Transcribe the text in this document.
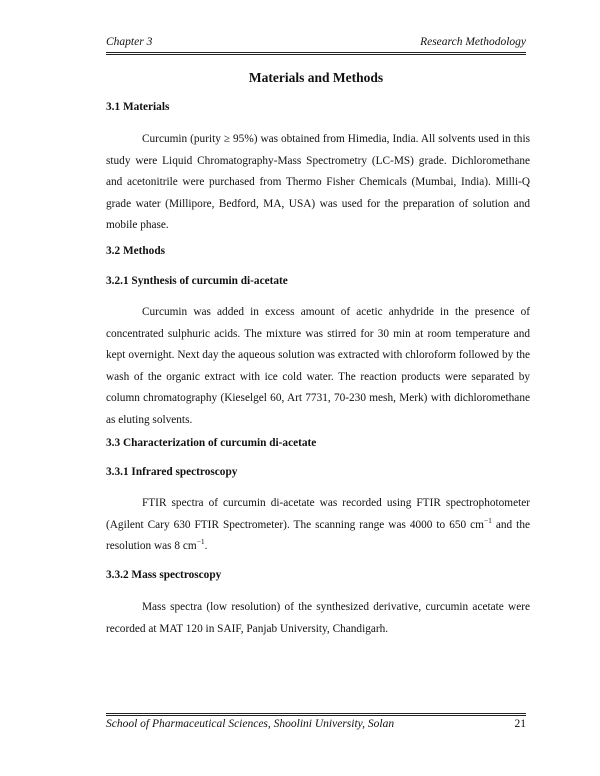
Chapter 3	Research Methodology
Materials and Methods
3.1 Materials

Curcumin (purity ≥ 95%) was obtained from Himedia, India. All solvents used in this study were Liquid Chromatography-Mass Spectrometry (LC-MS) grade. Dichloromethane and acetonitrile were purchased from Thermo Fisher Chemicals (Mumbai, India). Milli-Q grade water (Millipore, Bedford, MA, USA) was used for the preparation of solution and mobile phase.

3.2 Methods
3.2.1 Synthesis of curcumin di-acetate

Curcumin was added in excess amount of acetic anhydride in the presence of concentrated sulphuric acids. The mixture was stirred for 30 min at room temperature and kept overnight. Next day the aqueous solution was extracted with chloroform followed by the wash of the organic extract with ice cold water. The reaction products were separated by column chromatography (Kieselgel 60, Art 7731, 70-230 mesh, Merk) with dichloromethane as eluting solvents.

3.3 Characterization of curcumin di-acetate
3.3.1 Infrared spectroscopy

FTIR spectra of curcumin di-acetate was recorded using FTIR spectrophotometer (Agilent Cary 630 FTIR Spectrometer). The scanning range was 4000 to 650 $cm^{-1}$ and the resolution was 8 $cm^{-1}$.

3.3.2 Mass spectroscopy

Mass spectra (low resolution) of the synthesized derivative, curcumin acetate were recorded at MAT 120 in SAIF, Panjab University, Chandigarh.

School of Pharmaceutical Sciences, Shoolini University, Solan	21
